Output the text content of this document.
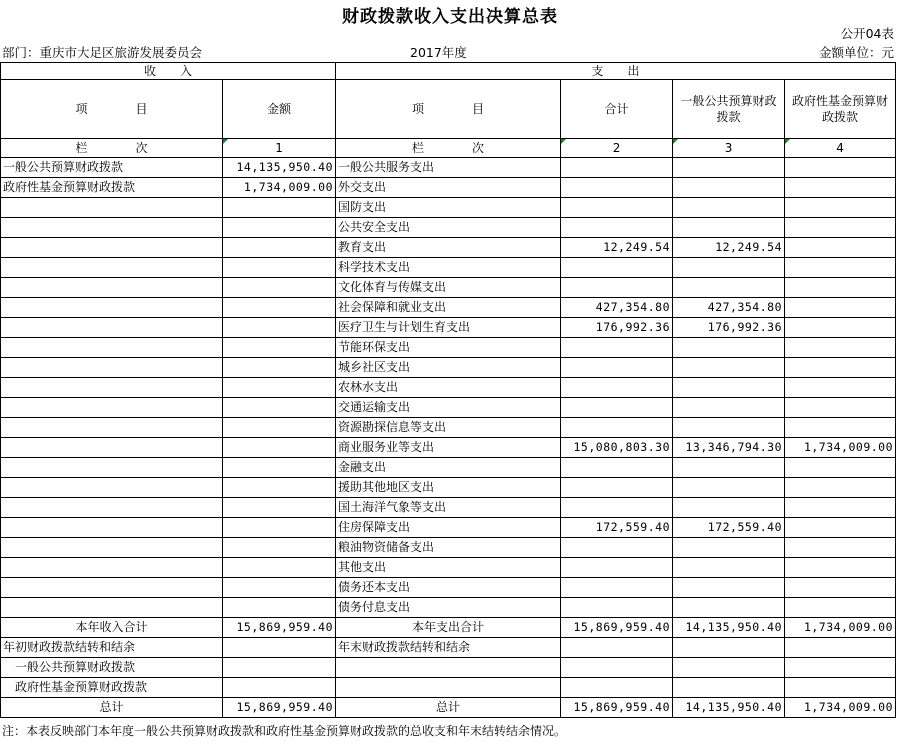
财政拨款收入支出决算总表
公开04表
部门：重庆市大足区旅游发展委员会	2017年度	金额单位：元
收　　入		支　　出			
项　　　　目	金额	项　　　　目	合计	一般公共预算财政拨款	政府性基金预算财政拨款
栏　　　　次	1	栏　　　　次	2	3	4
一般公共预算财政拨款	14,135,950.40	一般公共服务支出			
政府性基金预算财政拨款	1,734,009.00	外交支出			
		国防支出			
		公共安全支出			
		教育支出	12,249.54	12,249.54	
		科学技术支出			
		文化体育与传媒支出			
		社会保障和就业支出	427,354.80	427,354.80	
		医疗卫生与计划生育支出	176,992.36	176,992.36	
		节能环保支出			
		城乡社区支出			
		农林水支出			
		交通运输支出			
		资源勘探信息等支出			
		商业服务业等支出	15,080,803.30	13,346,794.30	1,734,009.00
		金融支出			
		援助其他地区支出			
		国土海洋气象等支出			
		住房保障支出	172,559.40	172,559.40	
		粮油物资储备支出			
		其他支出			
		债务还本支出			
		债务付息支出			
本年收入合计	15,869,959.40	本年支出合计	15,869,959.40	14,135,950.40	1,734,009.00
年初财政拨款结转和结余		年末财政拨款结转和结余			
一般公共预算财政拨款					
政府性基金预算财政拨款					
总计	15,869,959.40	总计	15,869,959.40	14,135,950.40	1,734,009.00
注：本表反映部门本年度一般公共预算财政拨款和政府性基金预算财政拨款的总收支和年末结转结余情况。
